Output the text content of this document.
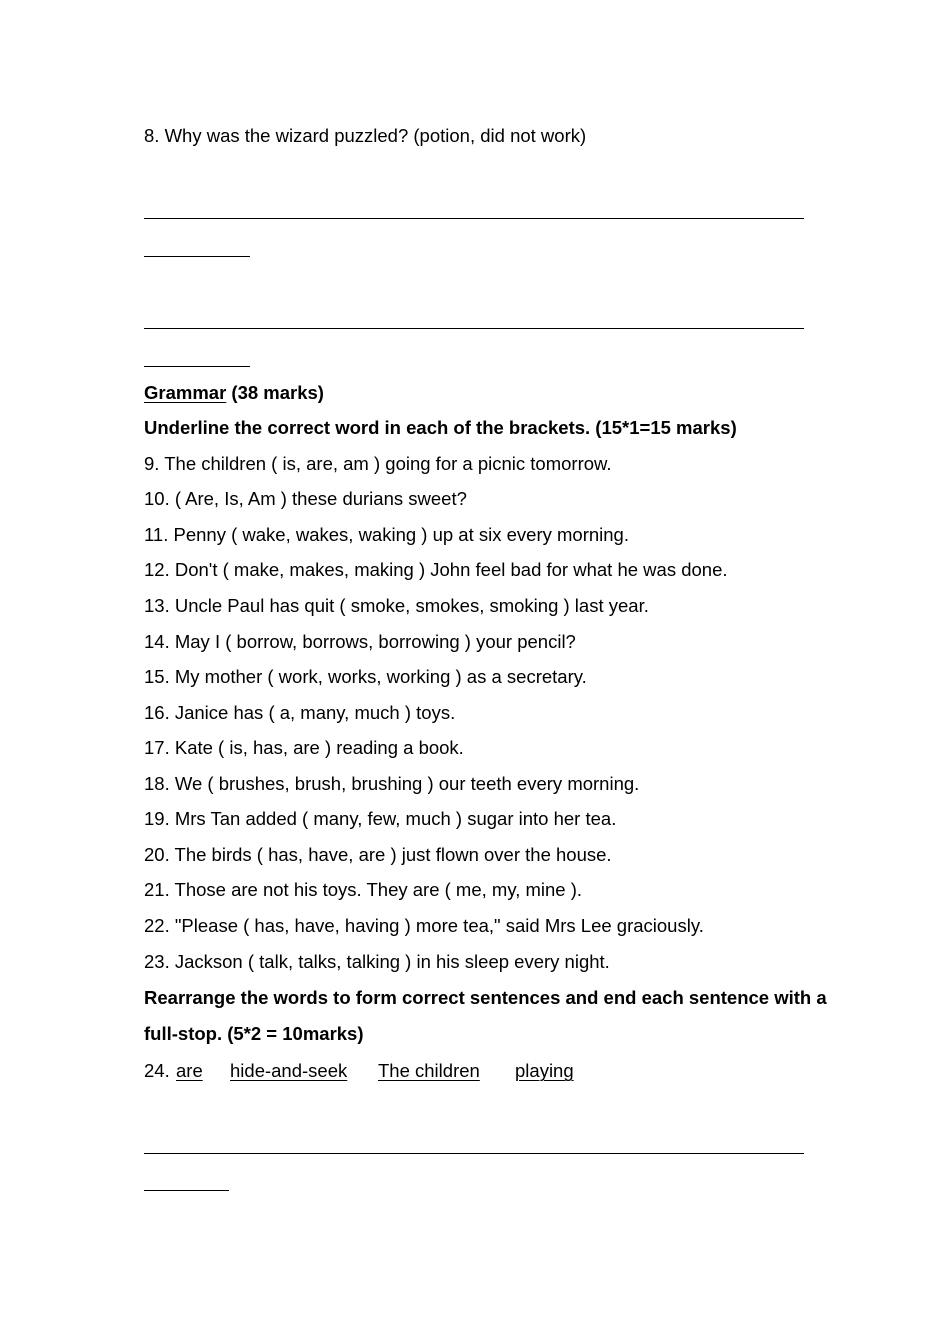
8. Why was the wizard puzzled? (potion, did not work)
Grammar (38 marks)
Underline the correct word in each of the brackets. (15*1=15 marks)
9. The children ( is, are, am ) going for a picnic tomorrow.
10. ( Are, Is, Am ) these durians sweet?
11. Penny ( wake, wakes, waking ) up at six every morning.
12. Don't ( make, makes, making ) John feel bad for what he was done.
13. Uncle Paul has quit ( smoke, smokes, smoking ) last year.
14. May I ( borrow, borrows, borrowing ) your pencil?
15. My mother ( work, works, working ) as a secretary.
16. Janice has ( a, many, much ) toys.
17. Kate ( is, has, are ) reading a book.
18. We ( brushes, brush, brushing ) our teeth every morning.
19. Mrs Tan added ( many, few, much ) sugar into her tea.
20. The birds ( has, have, are ) just flown over the house.
21. Those are not his toys. They are ( me, my, mine ).
22. "Please ( has, have, having ) more tea," said Mrs Lee graciously.
23. Jackson ( talk, talks, talking ) in his sleep every night.
Rearrange the words to form correct sentences and end each sentence with a
full-stop. (5*2 = 10marks)
24. are hide-and-seek The children playing
